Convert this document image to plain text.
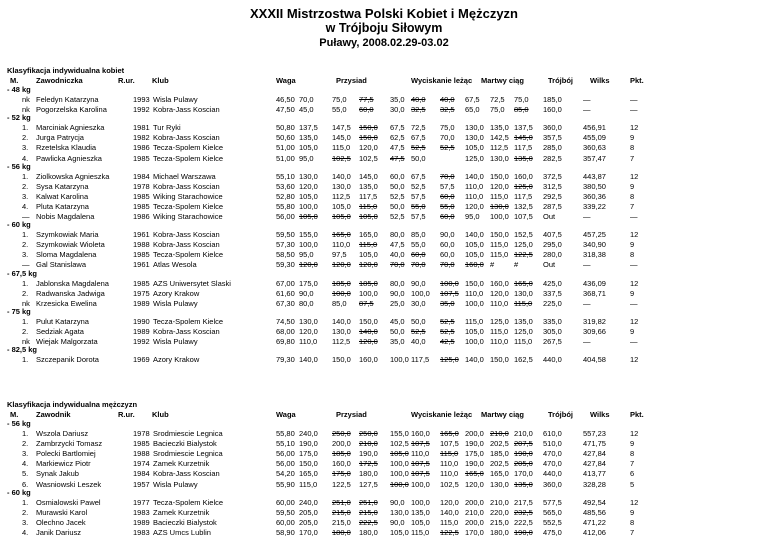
XXXII Mistrzostwa Polski Kobiet i Mężczyzn
w Trójboju Siłowym
Puławy, 2008.02.29-03.02
Klasyfikacja indywidualna kobiet
M. Zawodniczka	R.ur. Klub	Waga	Przysiad	Wyciskanie leżąc Martwy ciąg	Trójbój Wilks	Pkt.
- 48 kg
nk Feledyn Katarzyna	1993 Wisla Pulawy	46,50 70,0 75,0 77,5 35,0 40,0 40,0 67,5 72,5 75,0 185,0	—	—
nk Pogorzelska Karolina	1992 Kobra-Jass Koscian	47,50 45,0 55,0 60,0 30,0 32,5 32,5 65,0 75,0 85,0 160,0	—	—
- 52 kg
1. Marciniak Agnieszka	1981 Tur Ryki	50,80 137,5 147,5 150,0 67,5 72,5 75,0 130,0 135,0 137,5 360,0	456,91	12
2. Jurga Patrycja	1982 Kobra-Jass Koscian	50,60 135,0 145,0 150,0 62,5 67,5 70,0 130,0 142,5 145,0 357,5	455,09	9
3. Rzetelska Klaudia	1986 Tecza-Spolem Kielce	51,00 105,0 115,0 120,0 47,5 52,5 52,5 105,0 112,5 117,5 285,0	360,63	8
4. Pawlicka Agnieszka	1985 Tecza-Spolem Kielce	51,00 95,0 102,5 102,5 47,5 50,0	125,0 130,0 135,0 282,5	357,47	7
- 56 kg
1. Ziolkowska Agnieszka	1984 Michael Warszawa	55,10 130,0 140,0 145,0 60,0 67,5 70,0 140,0 150,0 160,0 372,5	443,87	12
2. Sysa Katarzyna	1978 Kobra-Jass Koscian	53,60 120,0 130,0 135,0 50,0 52,5 57,5 110,0 120,0 125,0 312,5	380,50	9
3. Kalwat Karolina	1985 Wiking Starachowice	52,80 105,0 112,5 117,5 52,5 57,5 60,0 110,0 115,0 117,5 292,5	360,36	8
4. Pluta Katarzyna	1985 Tecza-Spolem Kielce	55,80 100,0 105,0 115,0 50,0 55,0 55,0 120,0 130,0 132,5 287,5	339,22	7
— Nobis Magdalena	1986 Wiking Starachowice	56,00 105,0 105,0 105,0 52,5 57,5 60,0 95,0 100,0 107,5 Out	—	—
- 60 kg
1. Szymkowiak Maria	1961 Kobra-Jass Koscian	59,50 155,0 165,0 165,0 80,0 85,0 90,0 140,0 150,0 152,5 407,5	457,25	12
2. Szymkowiak Wioleta	1988 Kobra-Jass Koscian	57,30 100,0 110,0 115,0 47,5 55,0 60,0 105,0 115,0 125,0 295,0	340,90	9
3. Sloma Magdalena	1985 Tecza-Spolem Kielce	58,50 95,0 97,5 105,0 40,0 60,0 60,0 105,0 115,0 122,5 280,0	318,38	8
— Gal Stanislawa	1961 Atlas Wesola	59,30 120,0 120,0 120,0 70,0 70,0 70,0 160,0 #	#	Out	—	—
- 67,5 kg
1. Jablonska Magdalena	1985 AZS Uniwersytet Slaski	67,00 175,0 185,0 185,0 80,0 90,0 100,0 150,0 160,0 165,0 425,0	436,09	12
2. Radwanska Jadwiga	1975 Azory Krakow	61,60 90,0 100,0 100,0 90,0 100,0 107,5 110,0 120,0 130,0 337,5	368,71	9
nk Krzesicka Ewelina	1989 Wisla Pulawy	67,30 80,0 85,0 87,5 25,0 30,0 35,0 100,0 110,0 115,0 225,0	—	—
- 75 kg
1. Pulut Katarzyna	1990 Tecza-Spolem Kielce	74,50 130,0 140,0 150,0 45,0 50,0 52,5 115,0 125,0 135,0 335,0	319,82	12
2. Sedziak Agata	1989 Kobra-Jass Koscian	68,00 120,0 130,0 140,0 50,0 52,5 52,5 105,0 115,0 125,0 305,0	309,66	9
nk Wiejak Malgorzata	1992 Wisla Pulawy	69,80 110,0 112,5 120,0 35,0 40,0 42,5 100,0 110,0 115,0 267,5	—	—
- 82,5 kg
1. Szczepanik Dorota	1969 Azory Krakow	79,30 140,0 150,0 160,0 100,0 117,5 125,0 140,0 150,0 162,5 440,0	404,58	12
Klasyfikacja indywidualna mężczyzn
M. Zawodnik	R.ur. Klub	Waga	Przysiad	Wyciskanie leżąc Martwy ciąg	Trójbój Wilks	Pkt.
- 56 kg
1. Wszola Dariusz	1978 Srodmiescie Legnica	55,80 240,0 250,0 250,0 155,0 160,0 165,0 200,0 210,0 210,0 610,0	557,23	12
2. Zambrzycki Tomasz	1985 Bacieczki Bialystok	55,10 190,0 200,0 210,0 102,5 107,5 107,5 190,0 202,5 207,5 510,0	471,75	9
3. Polecki Bartlomiej	1988 Srodmiescie Legnica	56,00 175,0 185,0 190,0 105,0 110,0 115,0 175,0 185,0 190,0 470,0	427,84	8
4. Markiewicz Piotr	1974 Zamek Kurzetnik	56,00 150,0 160,0 172,5 100,0 107,5 110,0 190,0 202,5 205,0 470,0	427,84	7
5. Synak Jakub	1984 Kobra-Jass Koscian	54,20 165,0 175,0 180,0 100,0 107,5 110,0 165,0 165,0 170,0 440,0	413,77	6
6. Wasniowski Leszek	1957 Wisla Pulawy	55,90 115,0 122,5 127,5 100,0 100,0 102,5 120,0 130,0 135,0 360,0	328,28	5
- 60 kg
1. Osmialowski Pawel	1977 Tecza-Spolem Kielce	60,00 240,0 251,0 251,0 90,0 100,0 120,0 200,0 210,0 217,5 577,5	492,54	12
2. Murawski Karol	1983 Zamek Kurzetnik	59,50 205,0 215,0 215,0 130,0 135,0 140,0 210,0 220,0 232,5 565,0	485,56	9
3. Olechno Jacek	1989 Bacieczki Bialystok	60,00 205,0 215,0 222,5 90,0 105,0 115,0 200,0 215,0 222,5 552,5	471,22	8
4. Janik Dariusz	1983 AZS Umcs Lublin	58,90 170,0 180,0 180,0 105,0 115,0 122,5 170,0 180,0 190,0 475,0	412,06	7
